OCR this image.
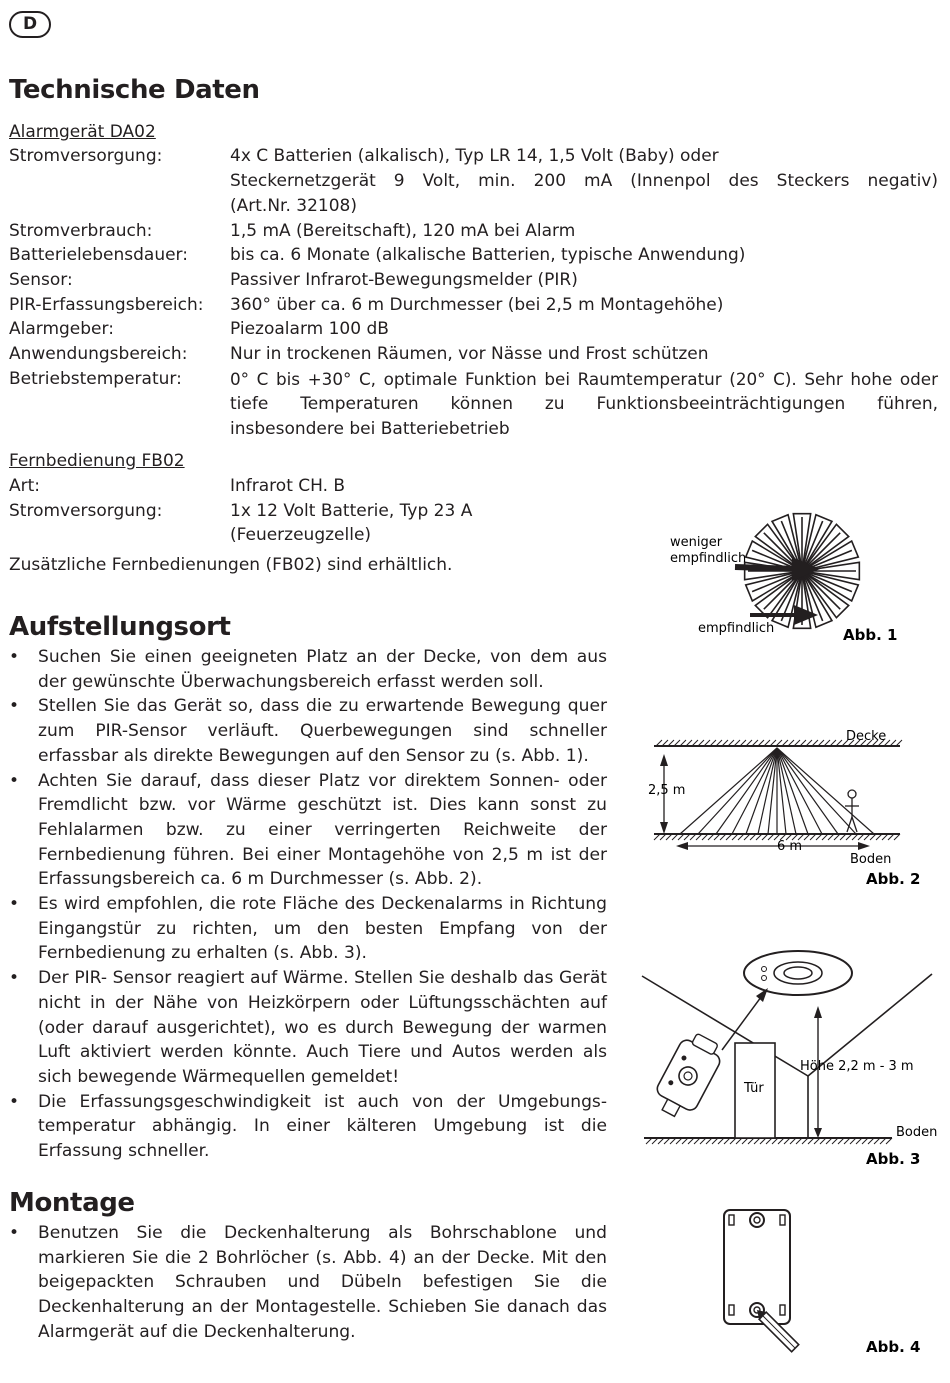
D
Technische Daten
Alarmgerät DA02
Stromversorgung:	4x C Batterien (alkalisch), Typ LR 14, 1,5 Volt (Baby) oder
Steckernetzgerät 9 Volt, min. 200 mA (Innenpol des Steckers negativ)
(Art.Nr. 32108)
Stromverbrauch:	1,5 mA (Bereitschaft), 120 mA bei Alarm
Batterielebensdauer: bis ca. 6 Monate (alkalische Batterien, typische Anwendung)
Sensor:	Passiver Infrarot-Bewegungsmelder (PIR)
PIR-Erfassungsbereich: 360° über ca. 6 m Durchmesser (bei 2,5 m Montagehöhe)
Alarmgeber:	Piezoalarm 100 dB
Anwendungsbereich:	Nur in trockenen Räumen, vor Nässe und Frost schützen
Betriebstemperatur:	0° C bis +30° C, optimale Funktion bei Raumtemperatur (20° C). Sehr hohe oder
tiefe Temperaturen können zu Funktionsbeeinträchtigungen führen,
insbesondere bei Batteriebetrieb
Fernbedienung FB02
Art:	Infrarot CH. B
Stromversorgung:	1x 12 Volt Batterie, Typ 23 A
(Feuerzeugzelle)
Zusätzliche Fernbedienungen (FB02) sind erhältlich.
Aufstellungsort
• Suchen Sie einen geeigneten Platz an der Decke, von dem aus der gewünschte Überwachungsbereich erfasst werden soll.
• Stellen Sie das Gerät so, dass die zu erwartende Bewegung quer zum PIR-Sensor verläuft. Querbewegungen sind schneller erfassbar als direkte Bewegungen auf den Sensor zu (s. Abb. 1).
• Achten Sie darauf, dass dieser Platz vor direktem Sonnen- oder Fremdlicht bzw. vor Wärme geschützt ist. Dies kann sonst zu Fehlalarmen bzw. zu einer verringerten Reichweite der Fernbedienung führen. Bei einer Montagehöhe von 2,5 m ist der Erfassungsbereich ca. 6 m Durchmesser (s. Abb. 2).
• Es wird empfohlen, die rote Fläche des Deckenalarms in Richtung Eingangstür zu richten, um den besten Empfang von der Fernbedienung zu erhalten (s. Abb. 3).
• Der PIR- Sensor reagiert auf Wärme. Stellen Sie deshalb das Gerät nicht in der Nähe von Heizkörpern oder Lüftungsschächten auf (oder darauf ausgerichtet), wo es durch Bewegung der warmen Luft aktiviert werden könnte. Auch Tiere und Autos werden als sich bewegende Wärmequellen gemeldet!
• Die Erfassungsgeschwindigkeit ist auch von der Umgebungstemperatur abhängig. In einer kälteren Umgebung ist die Erfassung schneller.
Montage
• Benutzen Sie die Deckenhalterung als Bohrschablone und markieren Sie die 2 Bohrlöcher (s. Abb. 4) an der Decke. Mit den beigepackten Schrauben und Dübeln befestigen Sie die Deckenhalterung an der Montagestelle. Schieben Sie danach das Alarmgerät auf die Deckenhalterung.
weniger
empfindlich
empfindlich	Abb. 1
Decke
2,5 m
6 m
Boden
Abb. 2
Tür
Höhe 2,2 m - 3 m
Boden
Abb. 3
Abb. 4
